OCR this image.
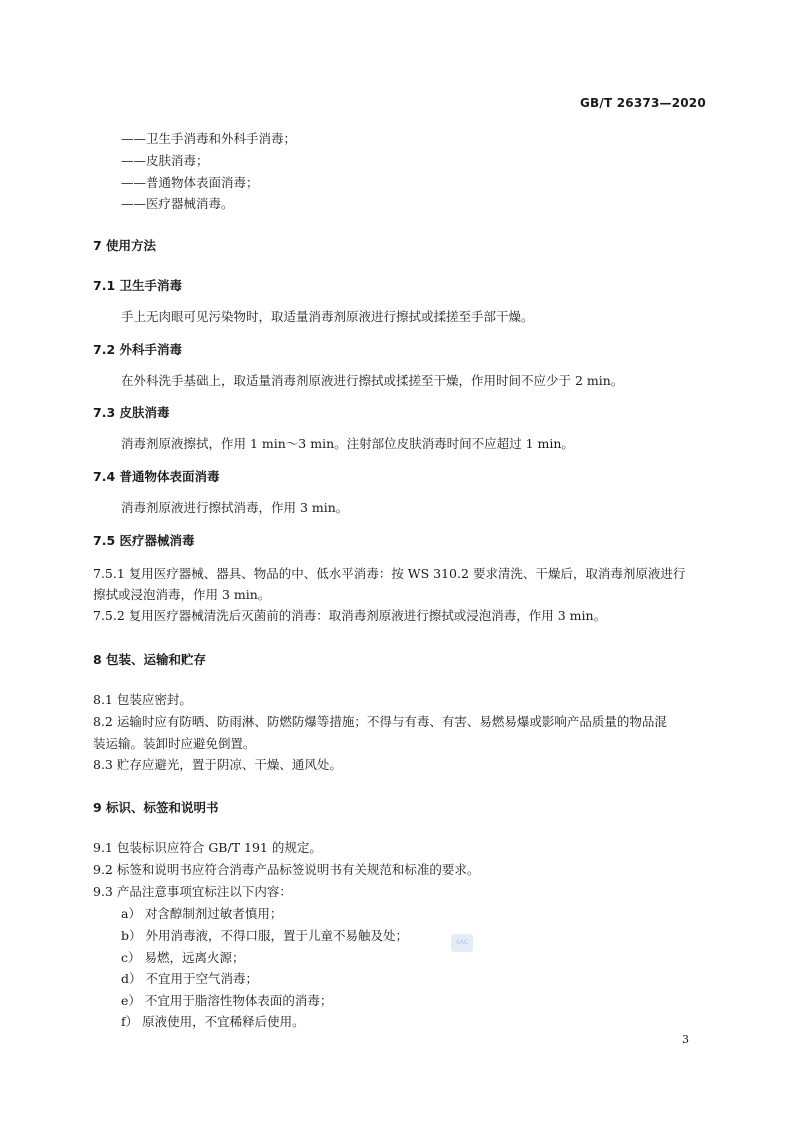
GB/T 26373—2020
——卫生手消毒和外科手消毒；
——皮肤消毒；
——普通物体表面消毒；
——医疗器械消毒。
7 使用方法
7.1 卫生手消毒
手上无肉眼可见污染物时，取适量消毒剂原液进行擦拭或揉搓至手部干燥。
7.2 外科手消毒
在外科洗手基础上，取适量消毒剂原液进行擦拭或揉搓至干燥，作用时间不应少于 2 min。
7.3 皮肤消毒
消毒剂原液擦拭，作用 1 min～3 min。注射部位皮肤消毒时间不应超过 1 min。
7.4 普通物体表面消毒
消毒剂原液进行擦拭消毒，作用 3 min。
7.5 医疗器械消毒
7.5.1 复用医疗器械、器具、物品的中、低水平消毒：按 WS 310.2 要求清洗、干燥后，取消毒剂原液进行
擦拭或浸泡消毒，作用 3 min。
7.5.2 复用医疗器械清洗后灭菌前的消毒：取消毒剂原液进行擦拭或浸泡消毒，作用 3 min。
8 包装、运输和贮存
8.1 包装应密封。
8.2 运输时应有防晒、防雨淋、防燃防爆等措施；不得与有毒、有害、易燃易爆或影响产品质量的物品混
装运输。装卸时应避免倒置。
8.3 贮存应避光，置于阴凉、干燥、通风处。
9 标识、标签和说明书
9.1 包装标识应符合 GB/T 191 的规定。
9.2 标签和说明书应符合消毒产品标签说明书有关规范和标准的要求。
9.3 产品注意事项宜标注以下内容：
a） 对含醇制剂过敏者慎用；
b） 外用消毒液，不得口服，置于儿童不易触及处；
c） 易燃，远离火源；
d） 不宜用于空气消毒；
e） 不宜用于脂溶性物体表面的消毒；
f） 原液使用，不宜稀释后使用。
SAC
3
